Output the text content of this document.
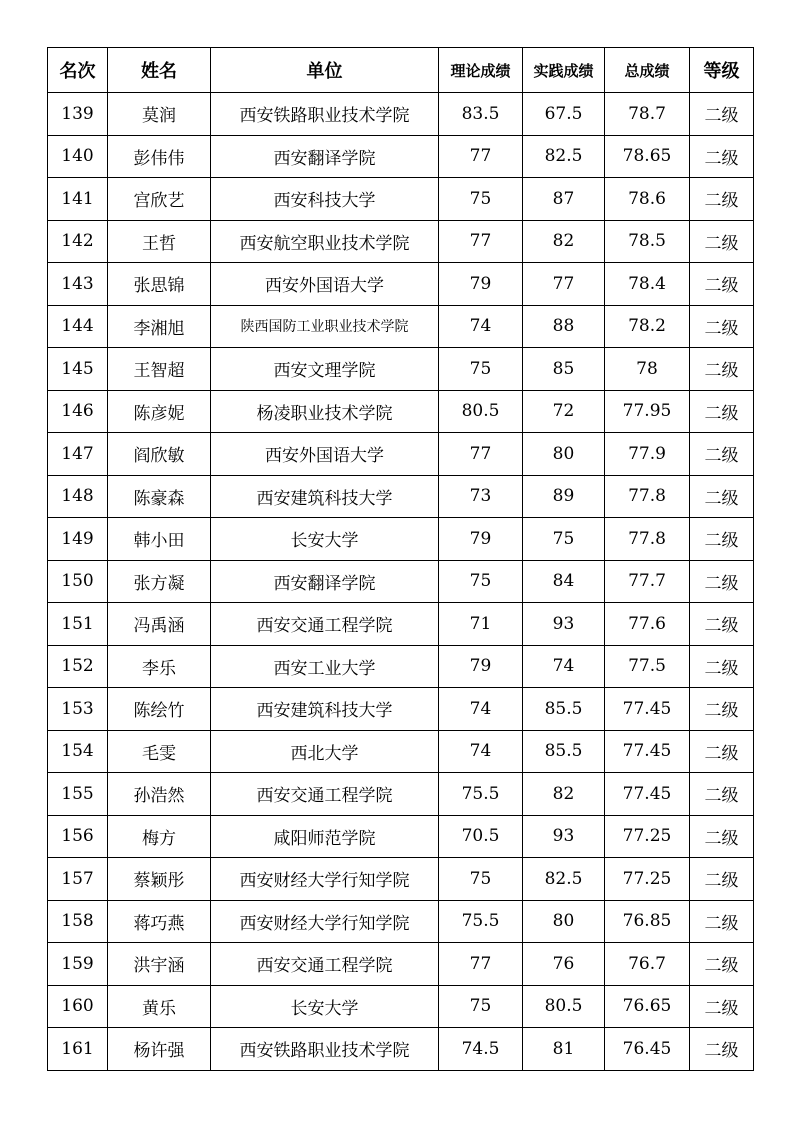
名次	姓名	单位	理论成绩	实践成绩	总成绩	等级
139	莫润	西安铁路职业技术学院	83.5	67.5	78.7	二级
140	彭伟伟	西安翻译学院	77	82.5	78.65	二级
141	宫欣艺	西安科技大学	75	87	78.6	二级
142	王哲	西安航空职业技术学院	77	82	78.5	二级
143	张思锦	西安外国语大学	79	77	78.4	二级
144	李湘旭	陕西国防工业职业技术学院	74	88	78.2	二级
145	王智超	西安文理学院	75	85	78	二级
146	陈彦妮	杨凌职业技术学院	80.5	72	77.95	二级
147	阎欣敏	西安外国语大学	77	80	77.9	二级
148	陈豪森	西安建筑科技大学	73	89	77.8	二级
149	韩小田	长安大学	79	75	77.8	二级
150	张方凝	西安翻译学院	75	84	77.7	二级
151	冯禹涵	西安交通工程学院	71	93	77.6	二级
152	李乐	西安工业大学	79	74	77.5	二级
153	陈绘竹	西安建筑科技大学	74	85.5	77.45	二级
154	毛雯	西北大学	74	85.5	77.45	二级
155	孙浩然	西安交通工程学院	75.5	82	77.45	二级
156	梅方	咸阳师范学院	70.5	93	77.25	二级
157	蔡颖彤	西安财经大学行知学院	75	82.5	77.25	二级
158	蒋巧燕	西安财经大学行知学院	75.5	80	76.85	二级
159	洪宇涵	西安交通工程学院	77	76	76.7	二级
160	黄乐	长安大学	75	80.5	76.65	二级
161	杨许强	西安铁路职业技术学院	74.5	81	76.45	二级
